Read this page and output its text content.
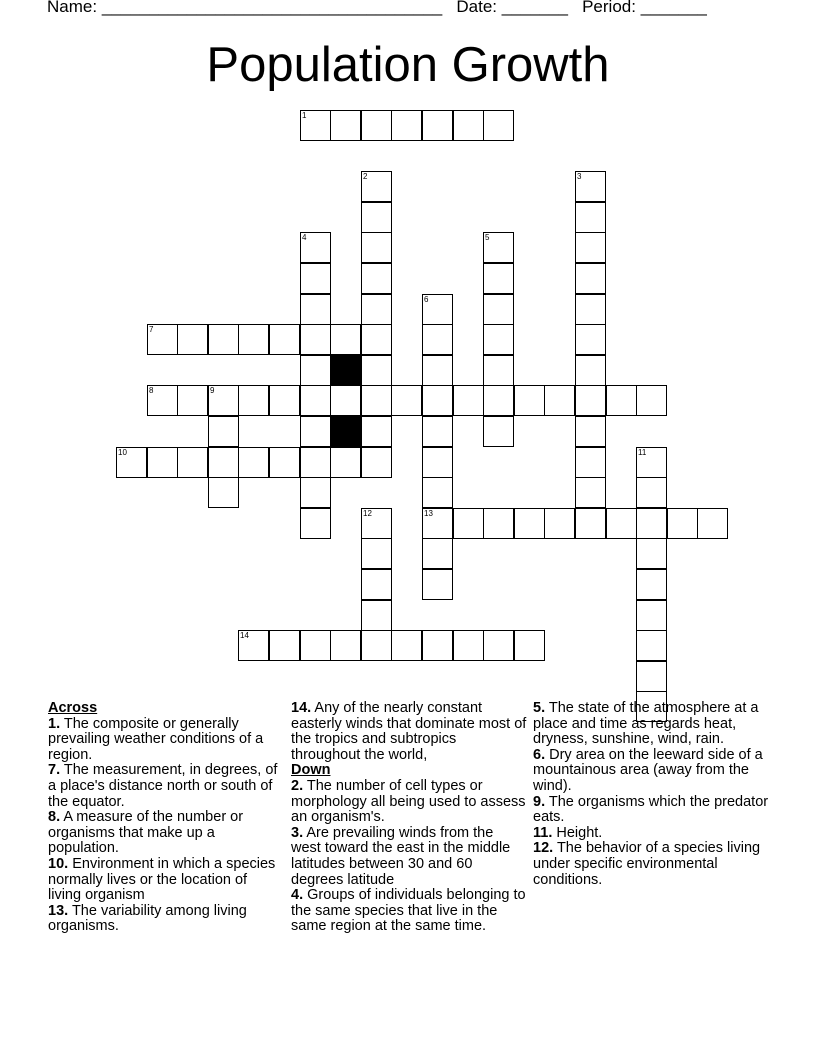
Name: ____________________________________ Date: _______ Period: _______
Population Growth
1
2	3
4	5
6
13
7
8	9
10	11
12
14
Across
1. The composite or generally prevailing weather conditions of a region.
7. The measurement, in degrees, of a place's distance north or south of the equator.
8. A measure of the number or organisms that make up a population.
10. Environment in which a species normally lives or the location of living organism
13. The variability among living organisms.
14. Any of the nearly constant easterly winds that dominate most of the tropics and subtropics throughout the world,
Down
2. The number of cell types or morphology all being used to assess an organism's.
3. Are prevailing winds from the west toward the east in the middle latitudes between 30 and 60 degrees latitude
4. Groups of individuals belonging to the same species that live in the same region at the same time.
5. The state of the atmosphere at a place and time as regards heat, dryness, sunshine, wind, rain.
6. Dry area on the leeward side of a mountainous area (away from the wind).
9. The organisms which the predator eats.
11. Height.
12. The behavior of a species living under specific environmental conditions.
